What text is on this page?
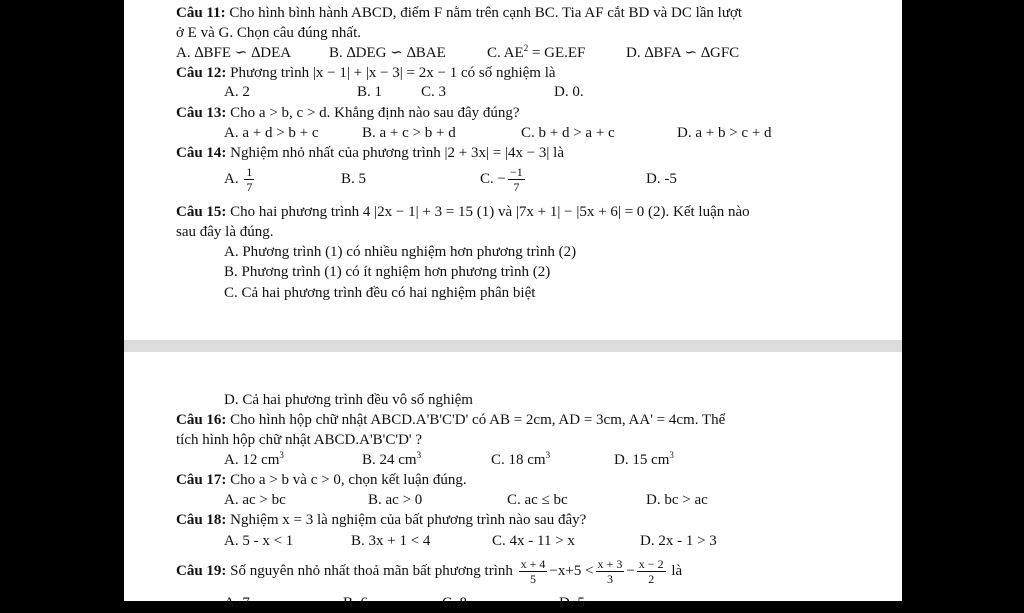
Câu 11: Cho hình bình hành ABCD, điểm F nằm trên cạnh BC. Tia AF cắt BD và DC lần lượt
ở E và G. Chọn câu đúng nhất.
A. ∆BFE ∽ ∆DEA	B. ∆DEG ∽ ∆BAE	C. $AE^2 = GE.EF$	D. ∆BFA ∽ ∆GFC
Câu 12: Phương trình |x − 1| + |x − 3| = 2x − 1 có số nghiệm là
A. 2	B. 1	C. 3	D. 0.
Câu 13: Cho a > b, c > d. Khẳng định nào sau đây đúng?
A. a + d > b + c	B. a + c > b + d	C. b + d > a + c	D. a + b > c + d
Câu 14: Nghiệm nhỏ nhất của phương trình |2 + 3x| = |4x − 3| là
A. $\frac{1}{7}$	B. 5	C. − $\frac{-1}{7}$	D. -5
Câu 15: Cho hai phương trình 4 |2x − 1| + 3 = 15 (1) và |7x + 1| − |5x + 6| = 0 (2). Kết luận nào
sau đây là đúng.
A. Phương trình (1) có nhiều nghiệm hơn phương trình (2)
B. Phương trình (1) có ít nghiệm hơn phương trình (2)
C. Cả hai phương trình đều có hai nghiệm phân biệt
D. Cả hai phương trình đều vô số nghiệm
Câu 16: Cho hình hộp chữ nhật ABCD.A'B'C'D' có AB = 2cm, AD = 3cm, AA' = 4cm. Thể
tích hình hộp chữ nhật ABCD.A'B'C'D' ?
A. 12 $cm^3$	B. 24 $cm^3$	C. 18 $cm^3$	D. 15 $cm^3$
Câu 17: Cho a > b và c > 0, chọn kết luận đúng.
A. ac > bc	B. ac > 0	C. ac ≤ bc	D. bc > ac
Câu 18: Nghiệm x = 3 là nghiệm của bất phương trình nào sau đây?
A. 5 - x < 1	B. 3x + 1 < 4	C. 4x - 11 > x	D. 2x - 1 > 3
Câu 19: Số nguyên nhỏ nhất thoả mãn bất phương trình $\frac{x + 4}{5} -x+5 < \frac{x + 3}{3} - \frac{x - 2}{2}$ là
A. 7	B. 6	C. 8	D. 5
